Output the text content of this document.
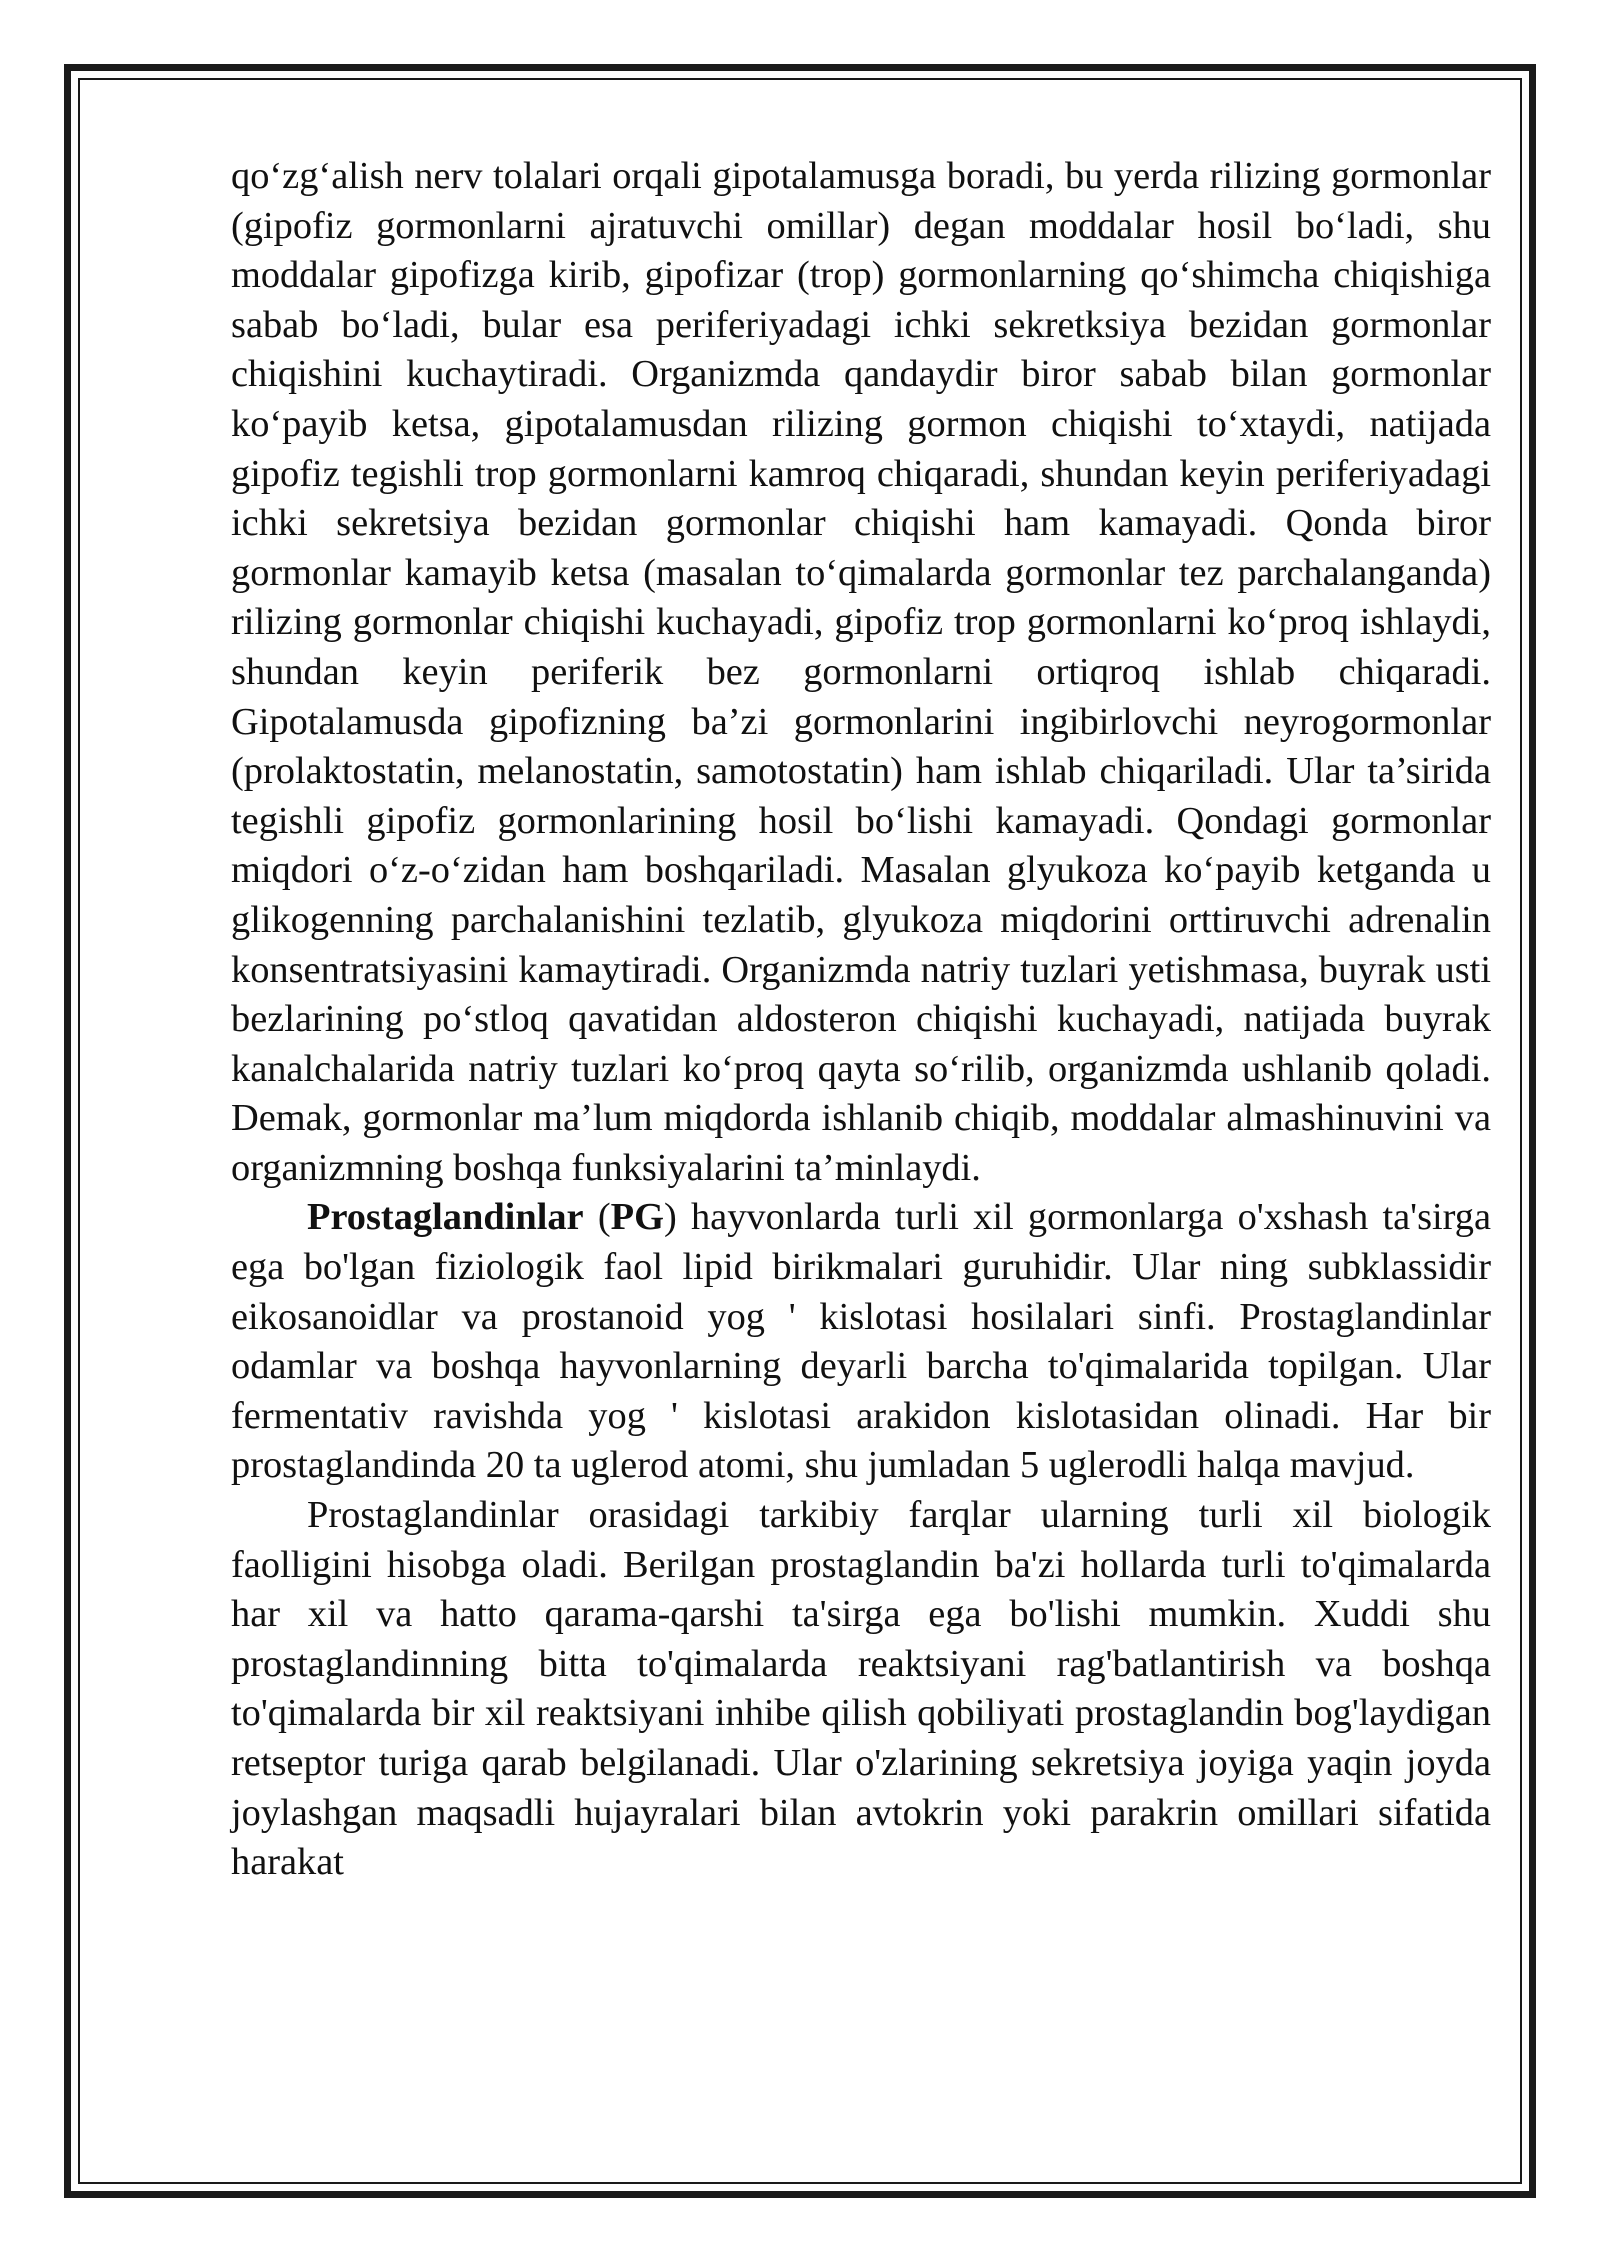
qo‘zg‘alish nerv tolalari orqali gipotalamusga boradi, bu yerda rilizing gormonlar (gipofiz gormonlarni ajratuvchi omillar) degan moddalar hosil bo‘ladi, shu moddalar gipofizga kirib, gipofizar (trop) gormonlarning qo‘shimcha chiqishiga sabab bo‘ladi, bular esa periferiyadagi ichki sekretksiya bezidan gormonlar chiqishini kuchaytiradi. Organizmda qandaydir biror sabab bilan gormonlar ko‘payib ketsa, gipotalamusdan rilizing gormon chiqishi to‘xtaydi, natijada gipofiz tegishli trop gormonlarni kamroq chiqaradi, shundan keyin periferiyadagi ichki sekretsiya bezidan gormonlar chiqishi ham kamayadi. Qonda biror gormonlar kamayib ketsa (masalan to‘qimalarda gormonlar tez parchalanganda) rilizing gormonlar chiqishi kuchayadi, gipofiz trop gormonlarni ko‘proq ishlaydi, shundan keyin periferik bez gormonlarni ortiqroq ishlab chiqaradi. Gipotalamusda gipofizning ba’zi gormonlarini ingibirlovchi neyrogormonlar (prolaktostatin, melanostatin, samotostatin) ham ishlab chiqariladi. Ular ta’sirida tegishli gipofiz gormonlarining hosil bo‘lishi kamayadi. Qondagi gormonlar miqdori o‘z-o‘zidan ham boshqariladi. Masalan glyukoza ko‘payib ketganda u glikogenning parchalanishini tezlatib, glyukoza miqdorini orttiruvchi adrenalin konsentratsiyasini kamaytiradi. Organizmda natriy tuzlari yetishmasa, buyrak usti bezlarining po‘stloq qavatidan aldosteron chiqishi kuchayadi, natijada buyrak kanalchalarida natriy tuzlari ko‘proq qayta so‘rilib, organizmda ushlanib qoladi. Demak, gormonlar ma’lum miqdorda ishlanib chiqib, moddalar almashinuvini va organizmning boshqa funksiyalarini ta’minlaydi.

Prostaglandinlar (PG) hayvonlarda turli xil gormonlarga o'xshash ta'sirga ega bo'lgan fiziologik faol lipid birikmalari guruhidir. Ular ning subklassidir eikosanoidlar va prostanoid yog ' kislotasi hosilalari sinfi. Prostaglandinlar odamlar va boshqa hayvonlarning deyarli barcha to'qimalarida topilgan. Ular fermentativ ravishda yog ' kislotasi arakidon kislotasidan olinadi. Har bir prostaglandinda 20 ta uglerod atomi, shu jumladan 5 uglerodli halqa mavjud.

Prostaglandinlar orasidagi tarkibiy farqlar ularning turli xil biologik faolligini hisobga oladi. Berilgan prostaglandin ba'zi hollarda turli to'qimalarda har xil va hatto qarama-qarshi ta'sirga ega bo'lishi mumkin. Xuddi shu prostaglandinning bitta to'qimalarda reaktsiyani rag'batlantirish va boshqa to'qimalarda bir xil reaktsiyani inhibe qilish qobiliyati prostaglandin bog'laydigan retseptor turiga qarab belgilanadi. Ular o'zlarining sekretsiya joyiga yaqin joyda joylashgan maqsadli hujayralari bilan avtokrin yoki parakrin omillari sifatida harakat
